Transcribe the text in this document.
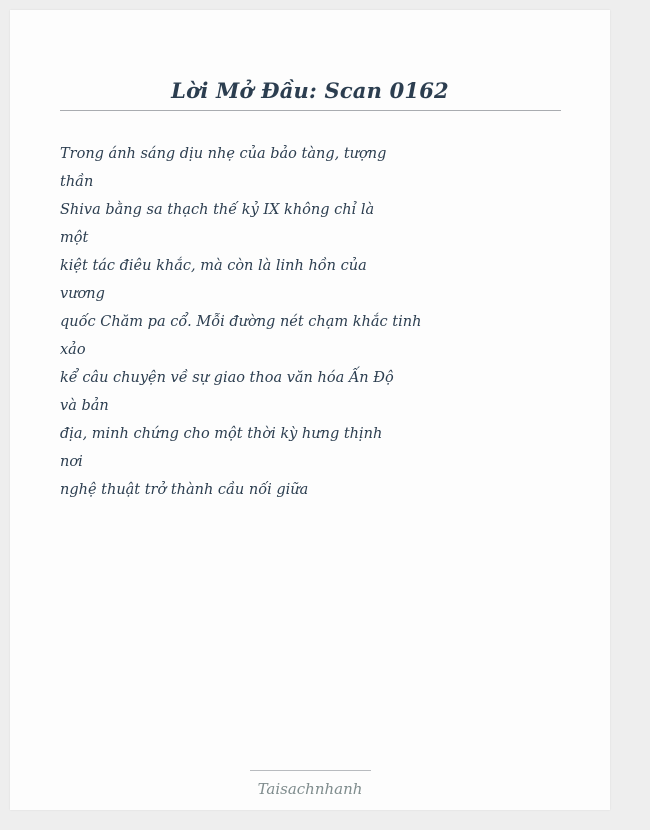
Lời Mở Đầu: Scan 0162
Trong ánh sáng dịu nhẹ của bảo tàng, tượng
thần
Shiva bằng sa thạch thế kỷ IX không chỉ là
một
kiệt tác điêu khắc, mà còn là linh hồn của
vương
quốc Chăm pa cổ. Mỗi đường nét chạm khắc tinh
xảo
kể câu chuyện về sự giao thoa văn hóa Ấn Độ
và bản
địa, minh chứng cho một thời kỳ hưng thịnh
nơi
nghệ thuật trở thành cầu nối giữa
Taisachnhanh
